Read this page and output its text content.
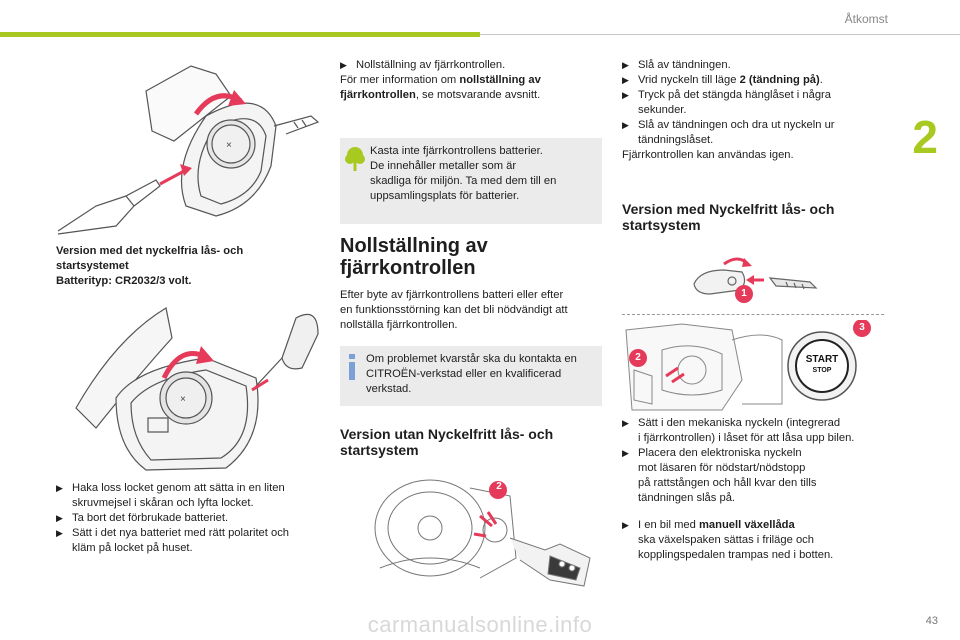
Åtkomst
2
×
Version med det nyckelfria lås- och
startsystemet
Batterityp: CR2032/3 volt.
×
▶ Haka loss locket genom att sätta in en liten
skruvmejsel i skåran och lyfta locket.
▶ Ta bort det förbrukade batteriet.
▶ Sätt i det nya batteriet med rätt polaritet och
kläm på locket på huset.
▶ Nollställning av fjärrkontrollen.
För mer information om nollställning av
fjärrkontrollen, se motsvarande avsnitt.
Kasta inte fjärrkontrollens batterier.
De innehåller metaller som är
skadliga för miljön. Ta med dem till en
uppsamlingsplats för batterier.
Nollställning av
fjärrkontrollen
Efter byte av fjärrkontrollens batteri eller efter
en funktionsstörning kan det bli nödvändigt att
nollställa fjärrkontrollen.
Om problemet kvarstår ska du kontakta en
CITROËN-verkstad eller en kvalificerad
verkstad.
Version utan Nyckelfritt lås- och
startsystem
2
▶ Slå av tändningen.
▶ Vrid nyckeln till läge 2 (tändning på).
▶ Tryck på det stängda hänglåset i några
sekunder.
▶ Slå av tändningen och dra ut nyckeln ur
tändningslåset.
Fjärrkontrollen kan användas igen.
Version med Nyckelfritt lås- och
startsystem
1
2
3
START
STOP
▶ Sätt i den mekaniska nyckeln (integrerad
i fjärrkontrollen) i låset för att låsa upp bilen.
▶ Placera den elektroniska nyckeln
mot läsaren för nödstart/nödstopp
på rattstången och håll kvar den tills
tändningen slås på.
▶ I en bil med manuell växellåda
ska växelspaken sättas i friläge och
kopplingspedalen trampas ned i botten.
carmanualsonline.info	43
